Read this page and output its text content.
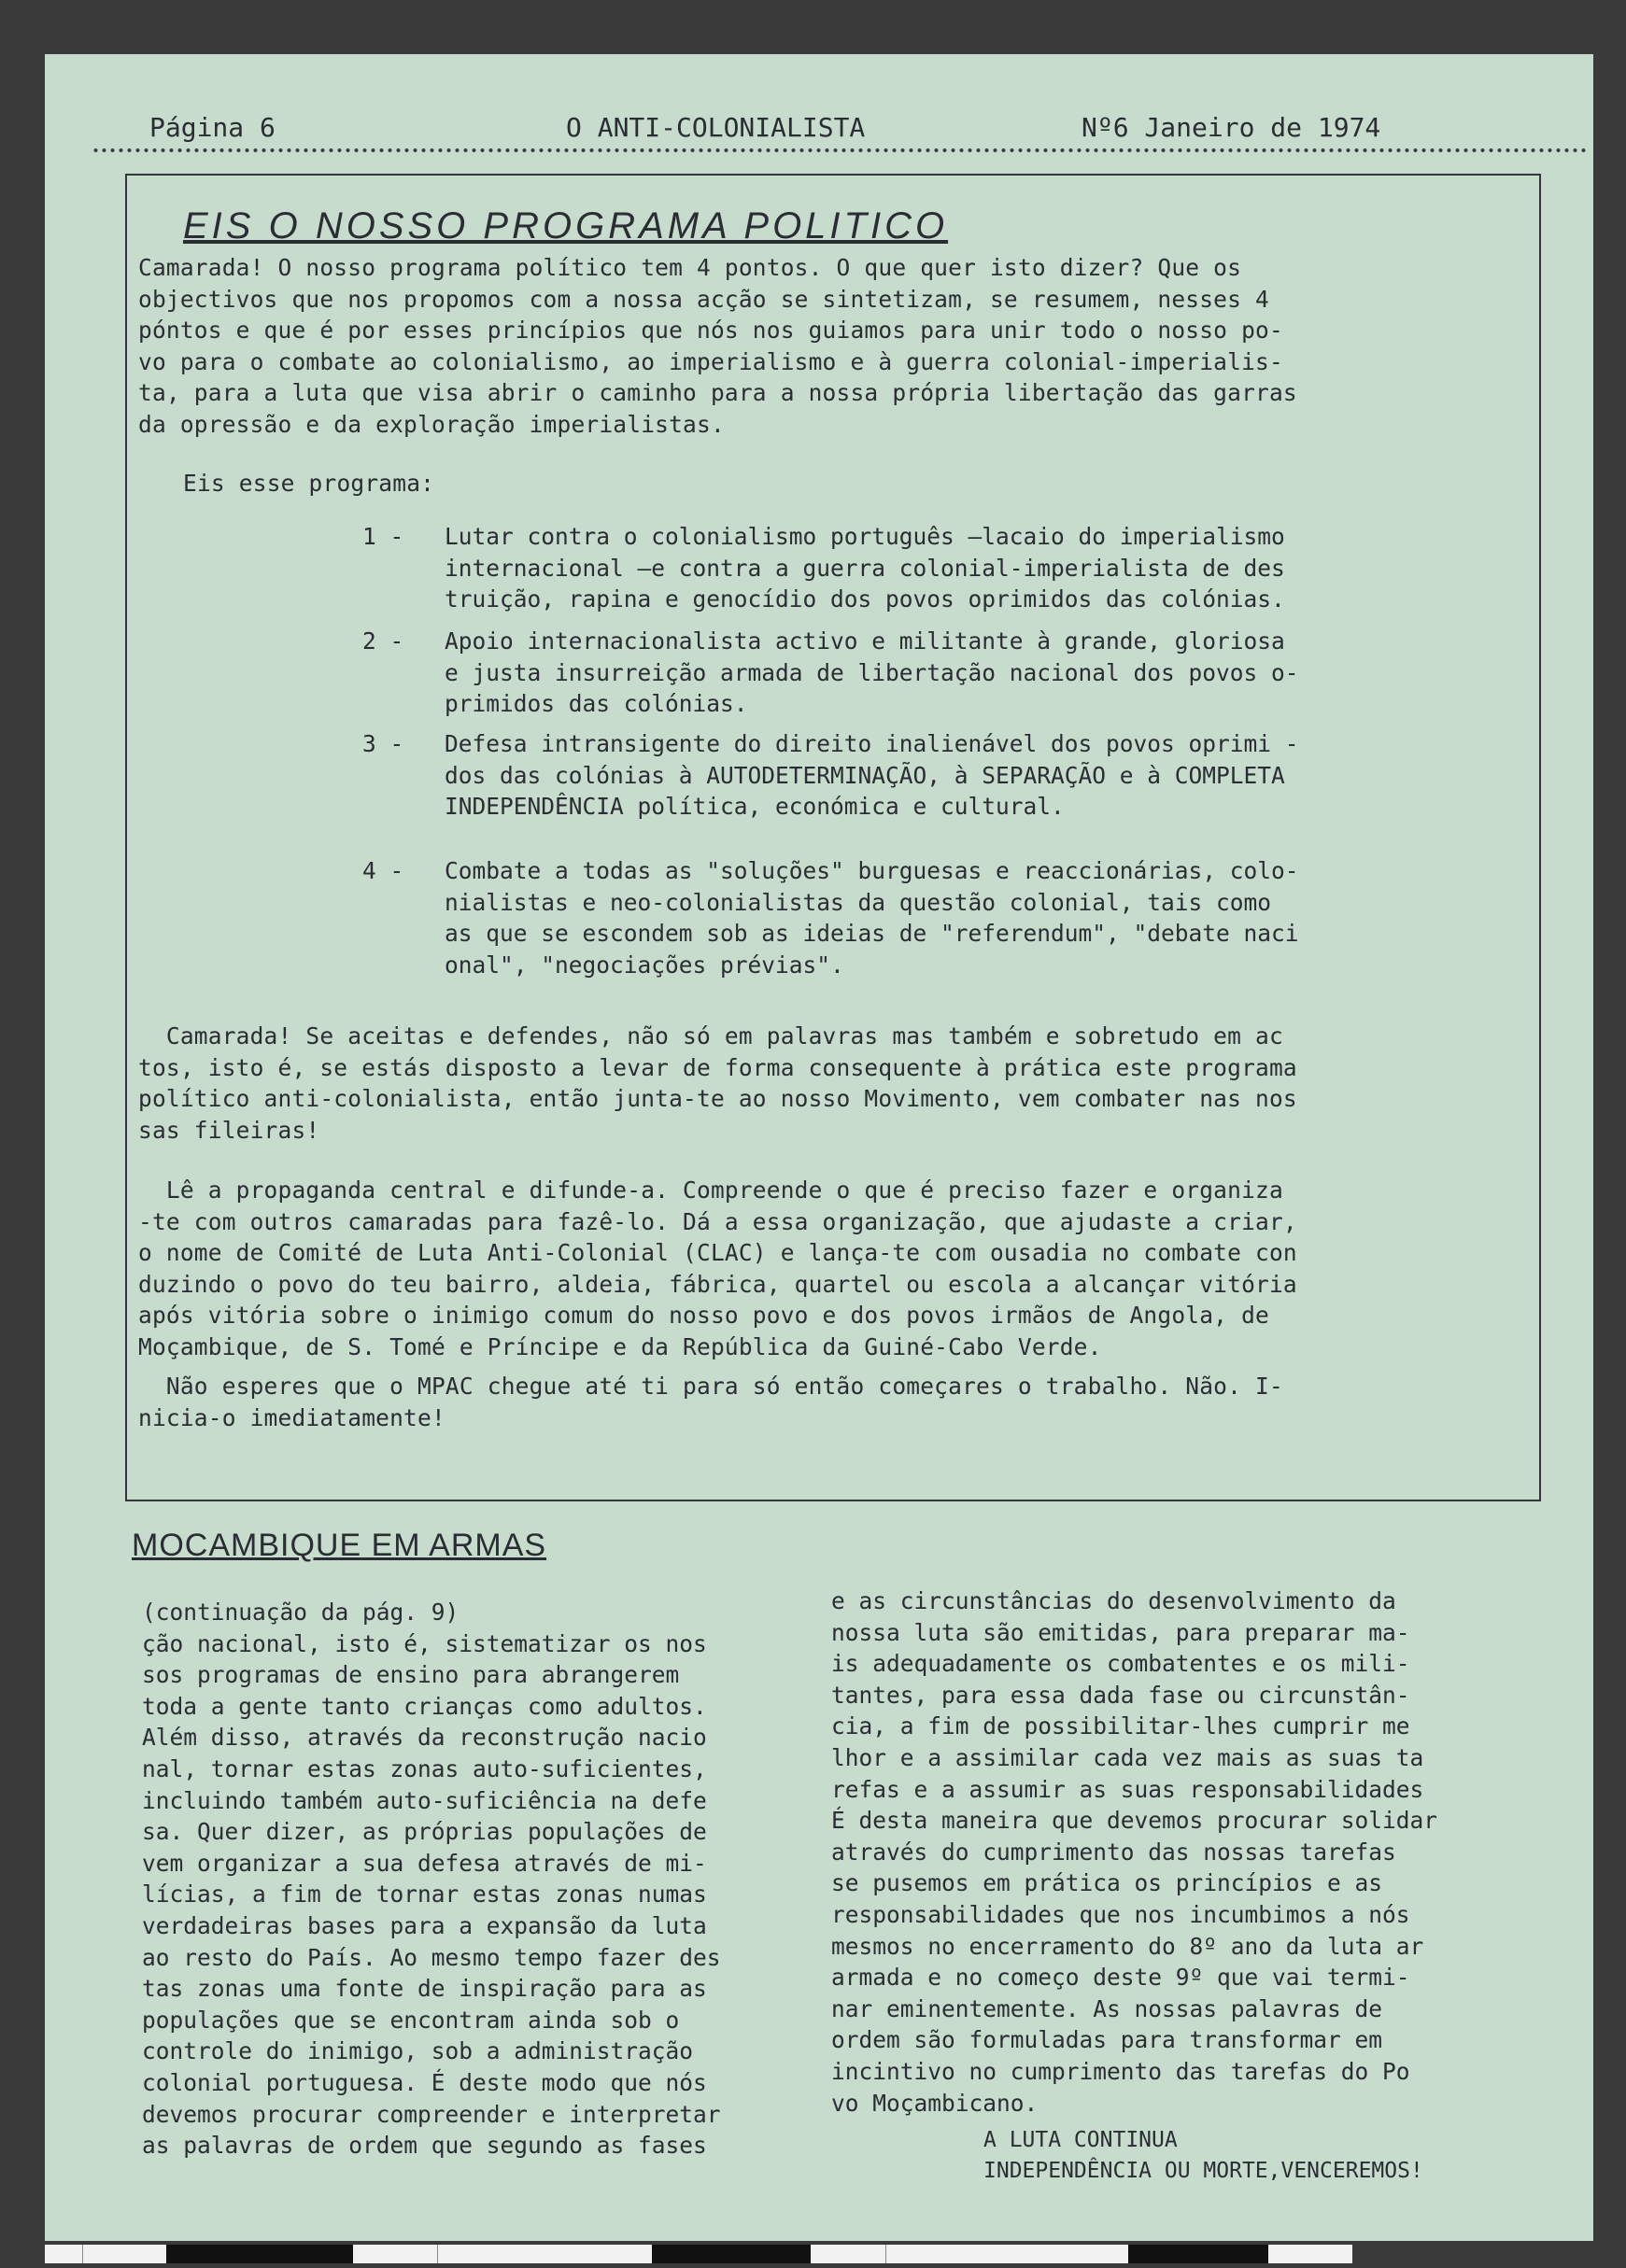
Página 6	O ANTI-COLONIALISTA	Nº6 Janeiro de 1974
EIS O NOSSO PROGRAMA POLITICO
Camarada! O nosso programa político tem 4 pontos. O que quer isto dizer? Que os
objectivos que nos propomos com a nossa acção se sintetizam, se resumem, nesses 4
póntos e que é por esses princípios que nós nos guiamos para unir todo o nosso po-
vo para o combate ao colonialismo, ao imperialismo e à guerra colonial-imperialis-
ta, para a luta que visa abrir o caminho para a nossa própria libertação das garras
da opressão e da exploração imperialistas.
Eis esse programa:

1 -

Lutar contra o colonialismo português —lacaio do imperialismo
internacional —e contra a guerra colonial-imperialista de des
truição, rapina e genocídio dos povos oprimidos das colónias.

2 -

Apoio internacionalista activo e militante à grande, gloriosa
e justa insurreição armada de libertação nacional dos povos o-
primidos das colónias.

3 -

Defesa intransigente do direito inalienável dos povos oprimi -
dos das colónias à AUTODETERMINAÇÃO, à SEPARAÇÃO e à COMPLETA
INDEPENDÊNCIA política, económica e cultural.

4 -

Combate a todas as "soluções" burguesas e reaccionárias, colo-
nialistas e neo-colonialistas da questão colonial, tais como
as que se escondem sob as ideias de "referendum", "debate naci
onal", "negociações prévias".

Camarada! Se aceitas e defendes, não só em palavras mas também e sobretudo em ac
tos, isto é, se estás disposto a levar de forma consequente à prática este programa
político anti-colonialista, então junta-te ao nosso Movimento, vem combater nas nos
sas fileiras!
Lê a propaganda central e difunde-a. Compreende o que é preciso fazer e organiza
-te com outros camaradas para fazê-lo. Dá a essa organização, que ajudaste a criar,
o nome de Comité de Luta Anti-Colonial (CLAC) e lança-te com ousadia no combate con
duzindo o povo do teu bairro, aldeia, fábrica, quartel ou escola a alcançar vitória
após vitória sobre o inimigo comum do nosso povo e dos povos irmãos de Angola, de
Moçambique, de S. Tomé e Príncipe e da República da Guiné-Cabo Verde.
Não esperes que o MPAC chegue até ti para só então começares o trabalho. Não. I-
nicia-o imediatamente!
MOCAMBIQUE EM ARMAS
(continuação da pág. 9)
ção nacional, isto é, sistematizar os nos
sos programas de ensino para abrangerem
toda a gente tanto crianças como adultos.
Além disso, através da reconstrução nacio
nal, tornar estas zonas auto-suficientes,
incluindo também auto-suficiência na defe
sa. Quer dizer, as próprias populações de
vem organizar a sua defesa através de mi-
lícias, a fim de tornar estas zonas numas
verdadeiras bases para a expansão da luta
ao resto do País. Ao mesmo tempo fazer des
tas zonas uma fonte de inspiração para as
populações que se encontram ainda sob o
controle do inimigo, sob a administração
colonial portuguesa. É deste modo que nós
devemos procurar compreender e interpretar
as palavras de ordem que segundo as fases
e as circunstâncias do desenvolvimento da
nossa luta são emitidas, para preparar ma-
is adequadamente os combatentes e os mili-
tantes, para essa dada fase ou circunstân-
cia, a fim de possibilitar-lhes cumprir me
lhor e a assimilar cada vez mais as suas ta
refas e a assumir as suas responsabilidades
É desta maneira que devemos procurar solidar
através do cumprimento das nossas tarefas
se pusemos em prática os princípios e as
responsabilidades que nos incumbimos a nós
mesmos no encerramento do 8º ano da luta ar
armada e no começo deste 9º que vai termi-
nar eminentemente. As nossas palavras de
ordem são formuladas para transformar em
incintivo no cumprimento das tarefas do Po
vo Moçambicano.
A LUTA CONTINUA
INDEPENDÊNCIA OU MORTE,VENCEREMOS!
